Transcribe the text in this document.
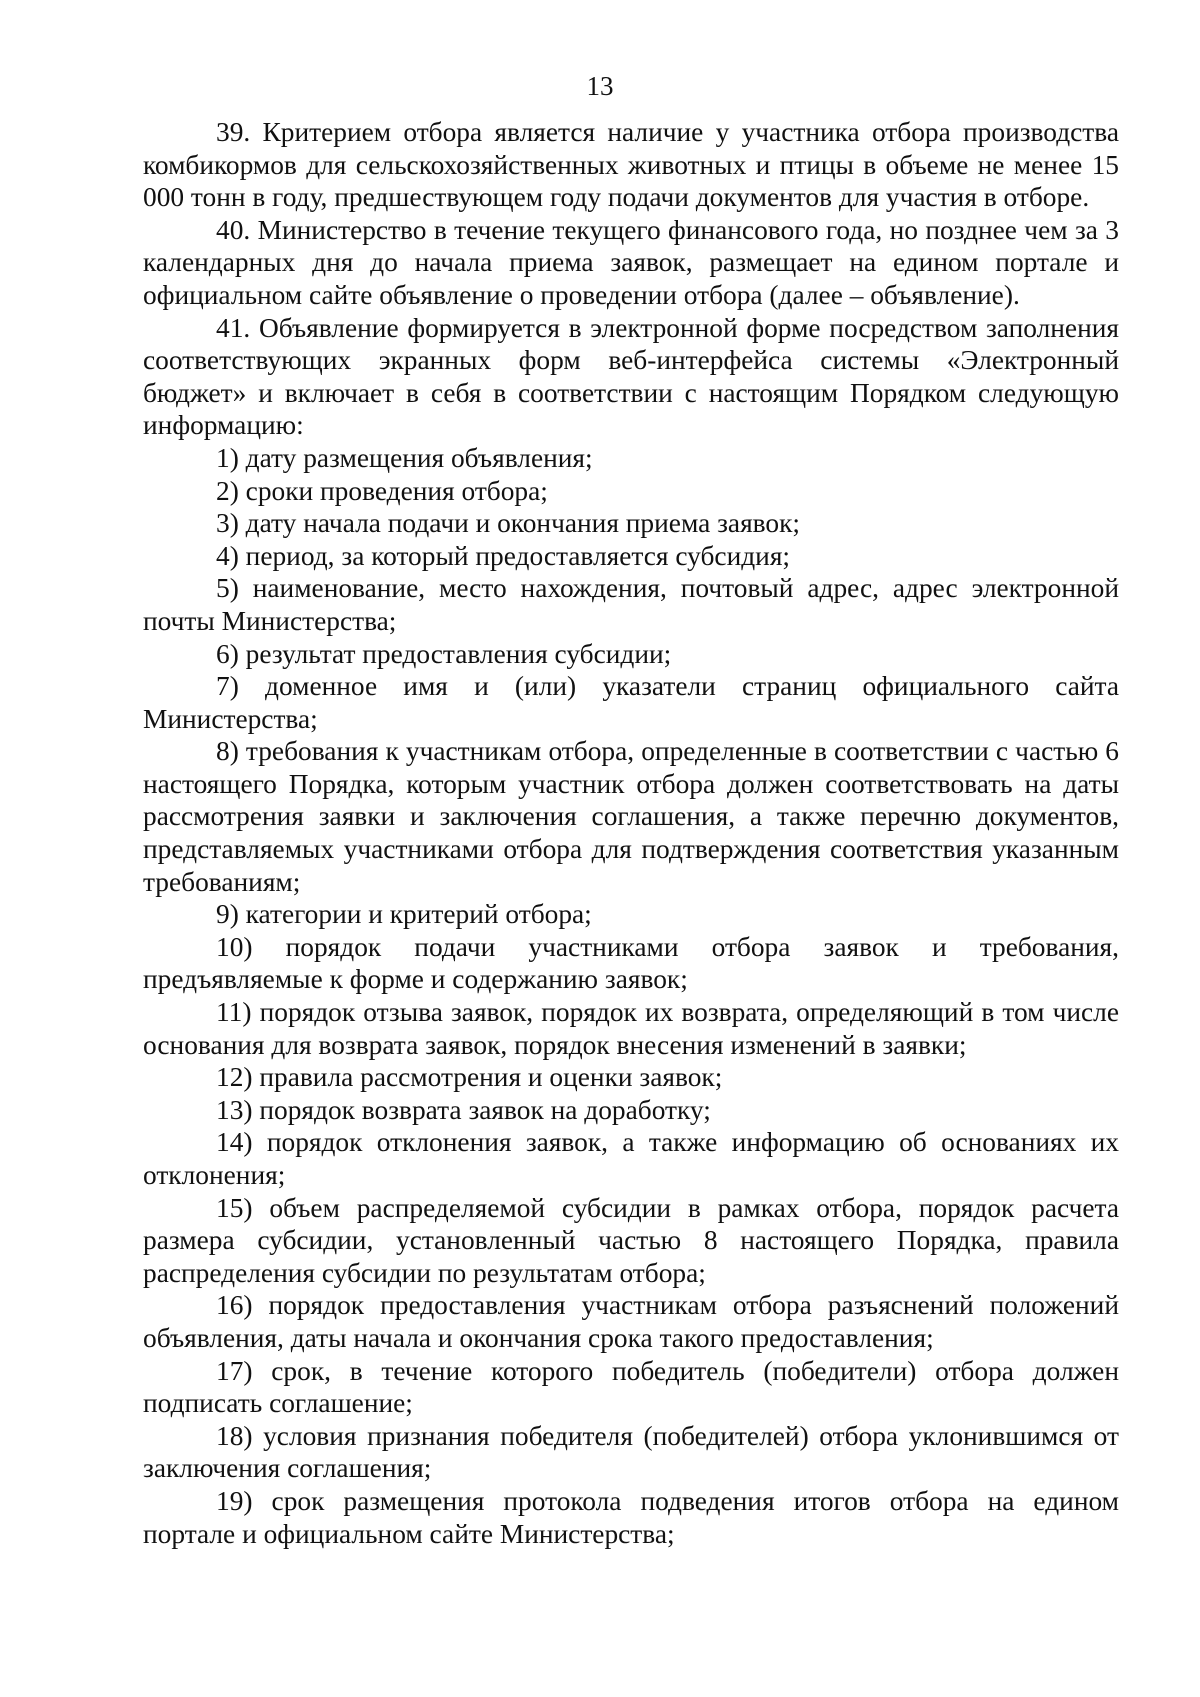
13

39. Критерием отбора является наличие у участника отбора производства комбикормов для сельскохозяйственных животных и птицы в объеме не менее 15 000 тонн в году, предшествующем году подачи документов для участия в отборе.

40. Министерство в течение текущего финансового года, но позднее чем за 3 календарных дня до начала приема заявок, размещает на едином портале и официальном сайте объявление о проведении отбора (далее – объявление).

41. Объявление формируется в электронной форме посредством заполнения соответствующих экранных форм веб-интерфейса системы «Электронный бюджет» и включает в себя в соответствии с настоящим Порядком следующую информацию:

1) дату размещения объявления;

2) сроки проведения отбора;

3) дату начала подачи и окончания приема заявок;

4) период, за который предоставляется субсидия;

5) наименование, место нахождения, почтовый адрес, адрес электронной почты Министерства;

6) результат предоставления субсидии;

7) доменное имя и (или) указатели страниц официального сайта Министерства;

8) требования к участникам отбора, определенные в соответствии с частью 6 настоящего Порядка, которым участник отбора должен соответствовать на даты рассмотрения заявки и заключения соглашения, а также перечню документов, представляемых участниками отбора для подтверждения соответствия указанным требованиям;

9) категории и критерий отбора;

10) порядок подачи участниками отбора заявок и требования, предъявляемые к форме и содержанию заявок;

11) порядок отзыва заявок, порядок их возврата, определяющий в том числе основания для возврата заявок, порядок внесения изменений в заявки;

12) правила рассмотрения и оценки заявок;

13) порядок возврата заявок на доработку;

14) порядок отклонения заявок, а также информацию об основаниях их отклонения;

15) объем распределяемой субсидии в рамках отбора, порядок расчета размера субсидии, установленный частью 8 настоящего Порядка, правила распределения субсидии по результатам отбора;

16) порядок предоставления участникам отбора разъяснений положений объявления, даты начала и окончания срока такого предоставления;

17) срок, в течение которого победитель (победители) отбора должен подписать соглашение;

18) условия признания победителя (победителей) отбора уклонившимся от заключения соглашения;

19) срок размещения протокола подведения итогов отбора на едином портале и официальном сайте Министерства;
